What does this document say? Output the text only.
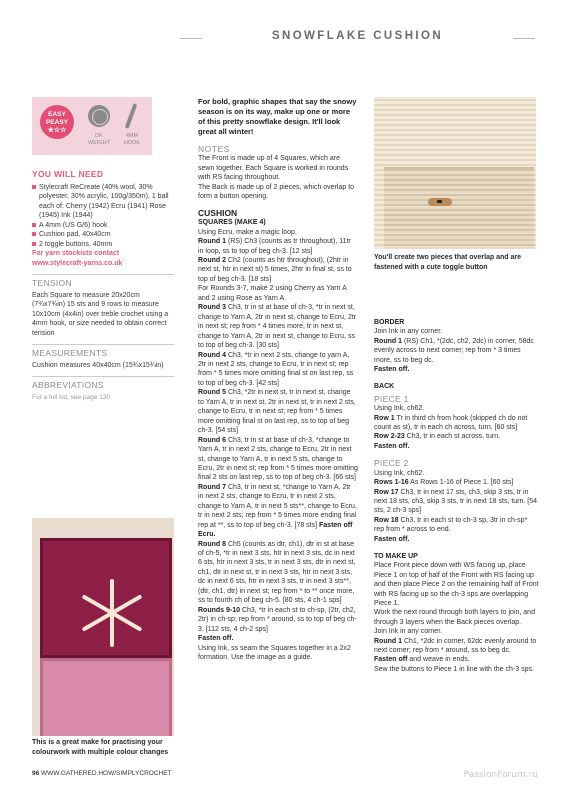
SNOWFLAKE CUSHION
EASY
PEASY
★☆☆
DK
WEIGHT
4MM
HOOK
YOU WILL NEED
Stylecraft ReCreate (40% wool, 30% polyester, 30% acrylic, 100g/350m), 1 ball each of: Cherry (1942) Ecru (1941) Rose (1945) Ink (1944)
A 4mm (US G/6) hook
Cushion pad, 40x40cm
2 toggle buttons, 40mm
For yarn stockists contact
www.stylecraft-yarns.co.uk
TENSION
Each Square to measure 20x20cm (7¾x7¾in) 15 sts and 9 rows to measure 10x10cm (4x4in) over treble crochet using a 4mm hook, or size needed to obtain correct tension
MEASUREMENTS
Cushion measures 40x40cm (15¾x15¾in)
ABBREVIATIONS
For a full list, see page 130
This is a great make for practising your colourwork with multiple colour changes
For bold, graphic shapes that say the snowy season is on its way, make up one or more of this pretty snowflake design. It'll look great all winter!
NOTES
The Front is made up of 4 Squares, which are sewn together. Each Square is worked in rounds with RS facing throughout.
The Back is made up of 2 pieces, which overlap to form a button opening.
CUSHION
SQUARES (MAKE 4)
Using Ecru, make a magic loop.
Round 1 (RS) Ch3 (counts as tr throughout), 11tr in loop, ss to top of beg ch-3. [12 sts]
Round 2 Ch2 (counts as htr throughout), (2htr in next st, htr in next st) 5 times, 2htr in final st, ss to top of beg ch-3. [18 sts]
For Rounds 3-7, make 2 using Cherry as Yarn A and 2 using Rose as Yarn A.
Round 3 Ch3, tr in st at base of ch-3, *tr in next st, change to Yarn A, 2tr in next st, change to Ecru, 2tr in next st; rep from * 4 times more, tr in next st, change to Yarn A, 2tr in next st, change to Ecru, ss to top of beg ch-3. [30 sts]
Round 4 Ch3, *tr in next 2 sts, change to yarn A, 2tr in next 2 sts, change to Ecru, tr in next st; rep from * 5 times more omitting final st on last rep, ss to top of beg ch-3. [42 sts]
Round 5 Ch3, *2tr in next st, tr in next st, change to Yarn A, tr in next st, 2tr in next st, tr in next 2 sts, change to Ecru, tr in next st; rep from * 5 times more omitting final st on last rep, ss to top of beg ch-3. [54 sts]
Round 6 Ch3, tr in st at base of ch-3, *change to Yarn A, tr in next 2 sts, change to Ecru, 2tr in next st, change to Yarn A, tr in next 5 sts, change to Ecru, 2tr in next st; rep from * 5 times more omitting final 2 sts on last rep, ss to top of beg ch-3. [66 sts]
Round 7 Ch3, tr in next st, *change to Yarn A, 2tr in next 2 sts, change to Ecru, tr in next 2 sts, change to Yarn A, tr in next 5 sts**, change to Ecru, tr in next 2 sts; rep from * 5 times more ending final rep at **, ss to top of beg ch-3. [78 sts] Fasten off Ecru.
Round 8 Ch5 (counts as dtr, ch1), dtr in st at base of ch-5, *tr in next 3 sts, htr in next 3 sts, dc in next 6 sts, htr in next 3 sts, tr in next 3 sts, dtr in next st, ch1, dtr in next st, tr in next 3 sts, htr in next 3 sts, dc in next 6 sts, htr in next 3 sts, tr in next 3 sts**, (dtr, ch1, dtr) in next st; rep from * to ** once more, ss to fourth ch of beg ch-5. [80 sts, 4 ch-1 sps]
Rounds 9-10 Ch3, *tr in each st to ch-sp, (2tr, ch2, 2tr) in ch-sp; rep from * around, ss to top of beg ch-3. [112 sts, 4 ch-2 sps]
Fasten off.
Using Ink, ss seam the Squares together in a 2x2 formation. Use the image as a guide.
You'll create two pieces that overlap and are fastened with a cute toggle button
BORDER
Join Ink in any corner.
Round 1 (RS) Ch1, *(2dc, ch2, 2dc) in corner, 58dc evenly across to next corner; rep from * 3 times more, ss to beg dc.
Fasten off.
BACK
PIECE 1
Using Ink, ch62.
Row 1 Tr in third ch from hook (skipped ch do not count as st), tr in each ch across, turn. [60 sts]
Row 2-23 Ch3, tr in each st across, turn.
Fasten off.
PIECE 2
Using Ink, ch62.
Rows 1-16 As Rows 1-16 of Piece 1. [60 sts]
Row 17 Ch3, tr in next 17 sts, ch3, skip 3 sts, tr in next 18 sts, ch3, skip 3 sts, tr in next 18 sts, turn. [54 sts, 2 ch-3 sps]
Row 18 Ch3, tr in each st to ch-3 sp, 3tr in ch-sp* rep from * across to end.
Fasten off.
TO MAKE UP
Place Front piece down with WS facing up, place Piece 1 on top of half of the Front with RS facing up and then place Piece 2 on the remaining half of Front with RS facing up so the ch-3 sps are overlapping Piece 1.
Work the next round through both layers to join, and through 3 layers when the Back pieces overlap.
Join Ink in any corner.
Round 1 Ch1, *2dc in corner, 62dc evenly around to next corner; rep from * around, ss to beg dc.
Fasten off and weave in ends.
Sew the buttons to Piece 1 in line with the ch-3 sps.
96 WWW.GATHERED.HOW/SIMPLYCROCHET	PassionForum.ru
